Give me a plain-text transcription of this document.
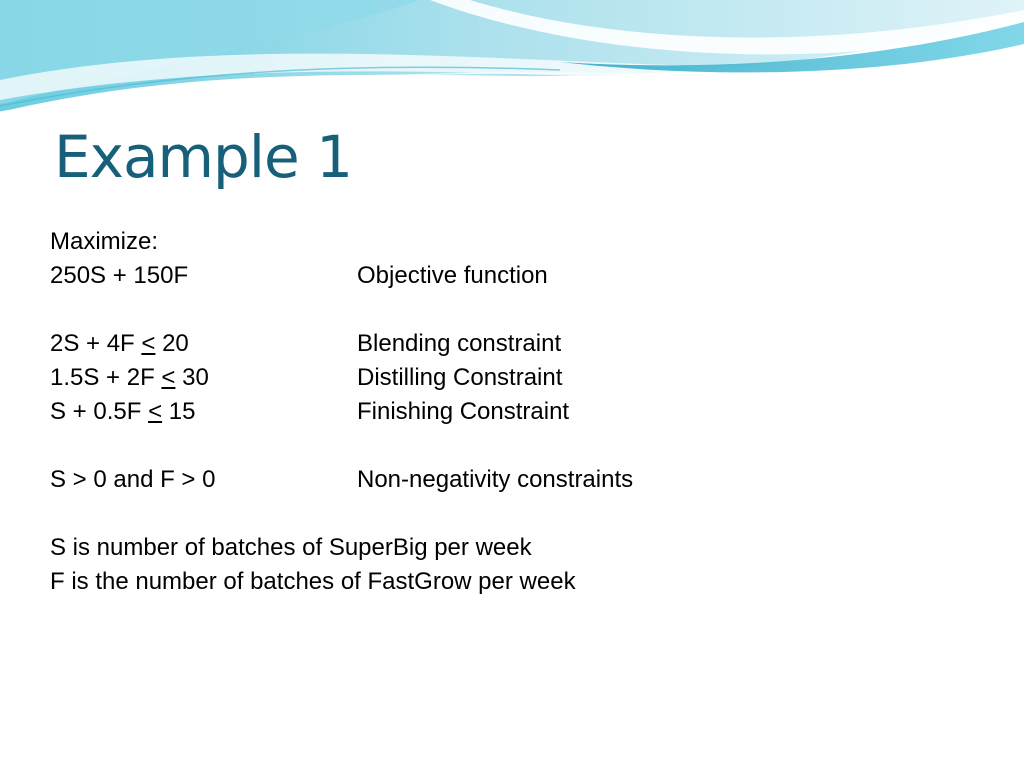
Example 1
Maximize:
250S + 150F	Objective function
2S + 4F < 20	Blending constraint
1.5S + 2F < 30	Distilling Constraint
S + 0.5F < 15	Finishing Constraint
S > 0 and F > 0	Non-negativity constraints
S is number of batches of SuperBig per week
F is the number of batches of FastGrow per week
